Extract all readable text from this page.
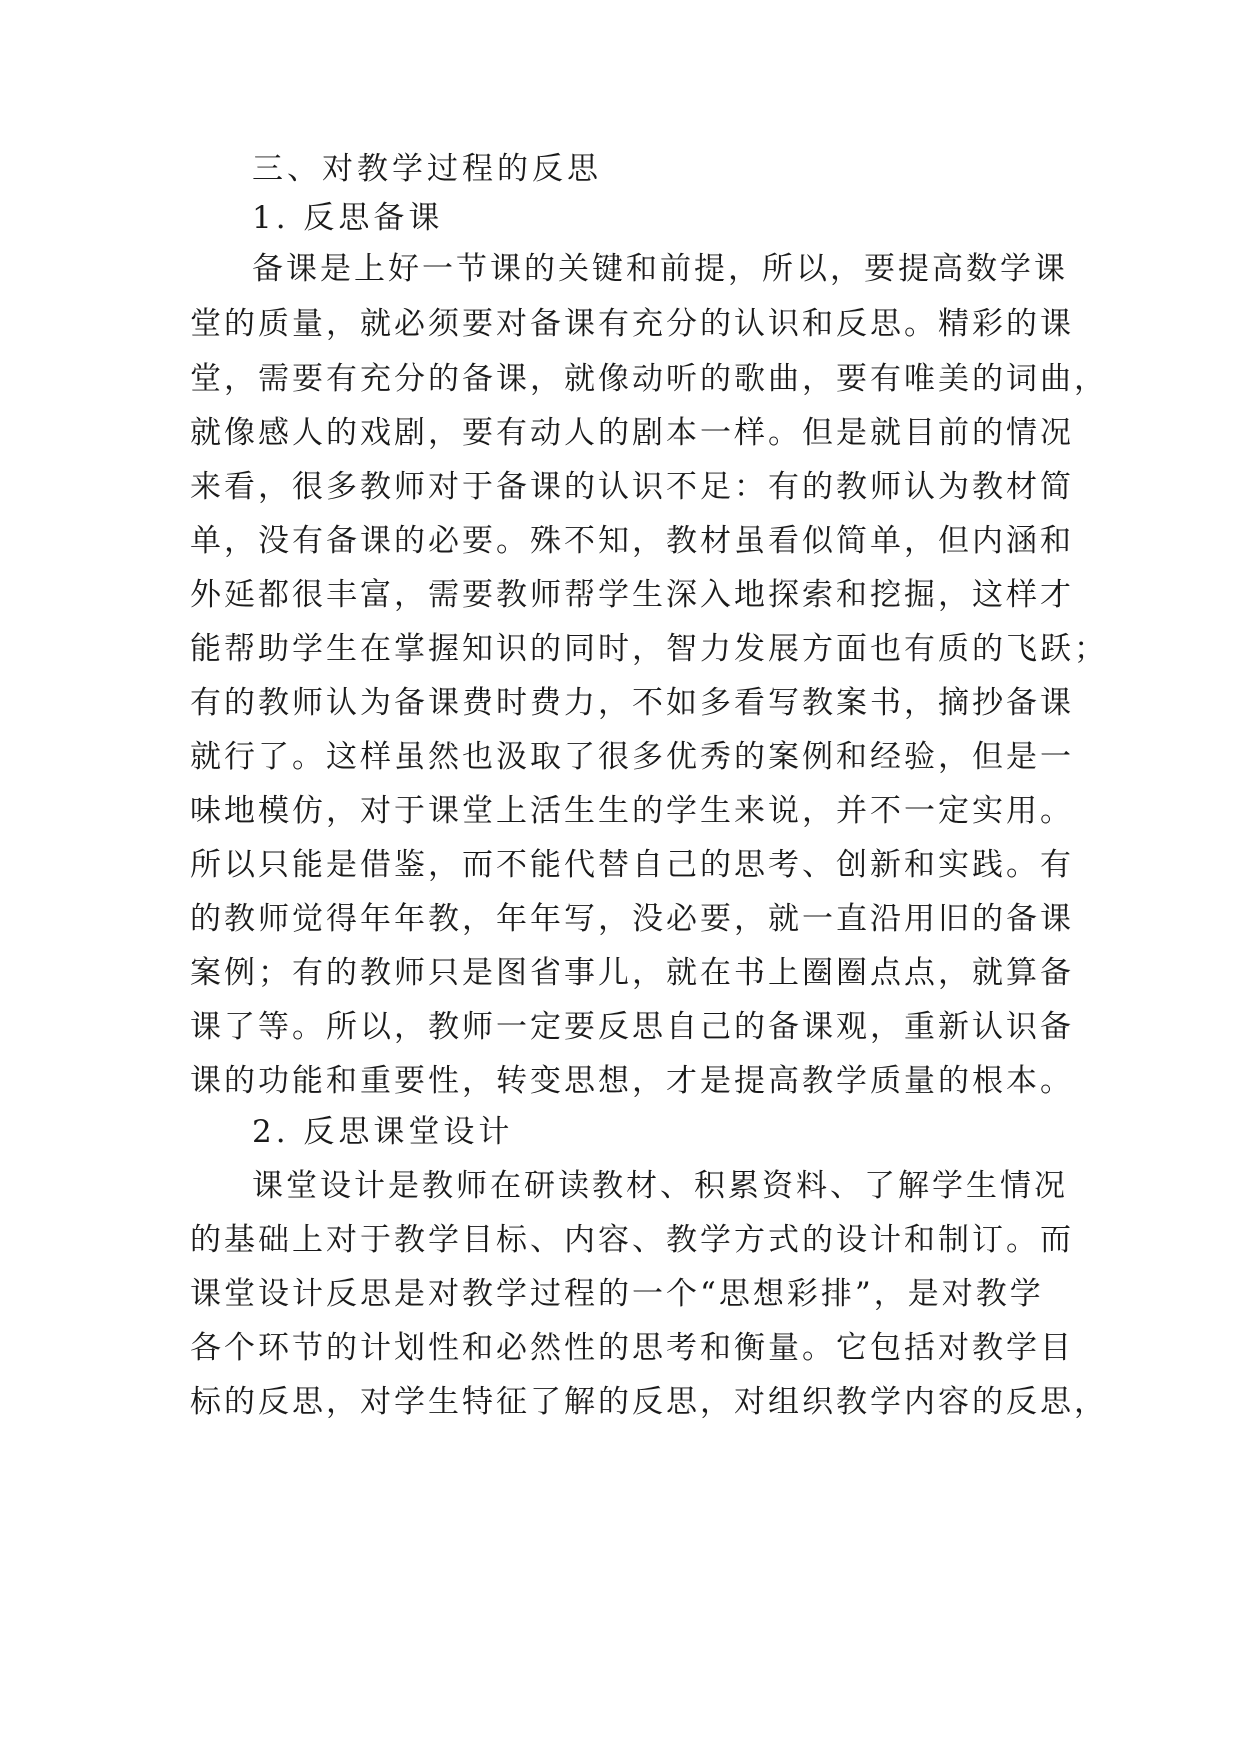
三、对教学过程的反思
1. 反思备课
备课是上好一节课的关键和前提，所以，要提高数学课
堂的质量，就必须要对备课有充分的认识和反思。精彩的课
堂，需要有充分的备课，就像动听的歌曲，要有唯美的词曲，
就像感人的戏剧，要有动人的剧本一样。但是就目前的情况
来看，很多教师对于备课的认识不足：有的教师认为教材简
单，没有备课的必要。殊不知，教材虽看似简单，但内涵和
外延都很丰富，需要教师帮学生深入地探索和挖掘，这样才
能帮助学生在掌握知识的同时，智力发展方面也有质的飞跃；
有的教师认为备课费时费力，不如多看写教案书，摘抄备课
就行了。这样虽然也汲取了很多优秀的案例和经验，但是一
味地模仿，对于课堂上活生生的学生来说，并不一定实用。
所以只能是借鉴，而不能代替自己的思考、创新和实践。有
的教师觉得年年教，年年写，没必要，就一直沿用旧的备课
案例；有的教师只是图省事儿，就在书上圈圈点点，就算备
课了等。所以，教师一定要反思自己的备课观，重新认识备
课的功能和重要性，转变思想，才是提高教学质量的根本。
2. 反思课堂设计
课堂设计是教师在研读教材、积累资料、了解学生情况
的基础上对于教学目标、内容、教学方式的设计和制订。而
课堂设计反思是对教学过程的一个“思想彩排”，是对教学
各个环节的计划性和必然性的思考和衡量。它包括对教学目
标的反思，对学生特征了解的反思，对组织教学内容的反思，
